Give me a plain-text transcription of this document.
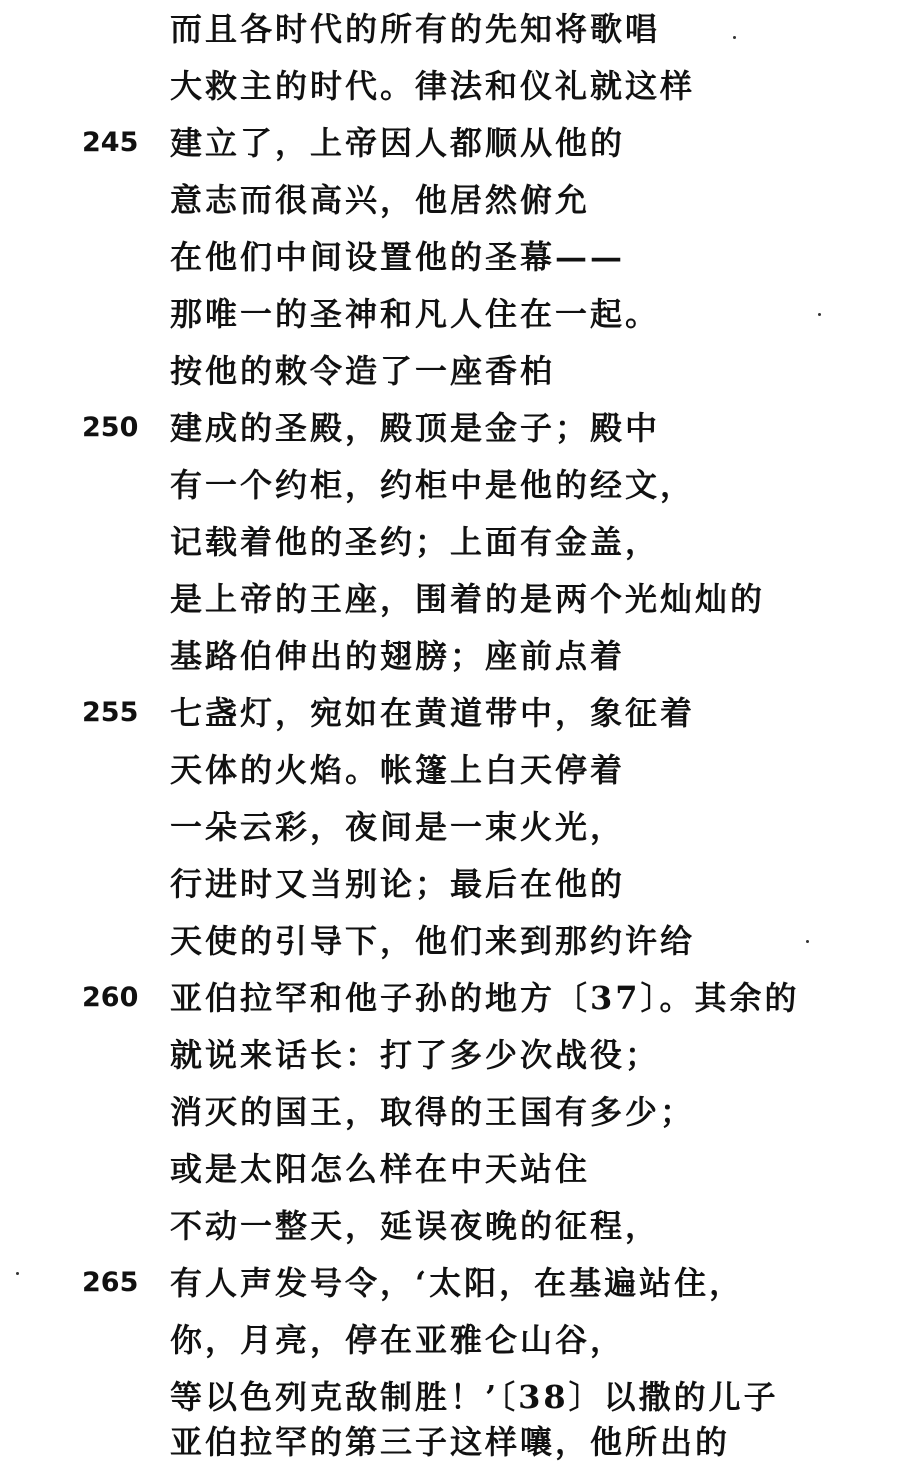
而且各时代的所有的先知将歌唱
大救主的时代。律法和仪礼就这样
245 建立了，上帝因人都顺从他的
意志而很高兴，他居然俯允
在他们中间设置他的圣幕——
那唯一的圣神和凡人住在一起。
按他的敕令造了一座香柏
250 建成的圣殿，殿顶是金子；殿中
有一个约柜，约柜中是他的经文，
记载着他的圣约；上面有金盖，
是上帝的王座，围着的是两个光灿灿的
基路伯伸出的翅膀；座前点着
255 七盏灯，宛如在黄道带中，象征着
天体的火焰。帐篷上白天停着
一朵云彩，夜间是一束火光，
行进时又当别论；最后在他的
天使的引导下，他们来到那约许给
260 亚伯拉罕和他子孙的地方〔37〕。其余的
就说来话长：打了多少次战役；
消灭的国王，取得的王国有多少；
或是太阳怎么样在中天站住
不动一整天，延误夜晚的征程，
265 有人声发号令，‘太阳，在基遍站住，
你，月亮，停在亚雅仑山谷，
等以色列克敌制胜！’〔38〕以撒的儿子
亚伯拉罕的第三子这样嚷，他所出的
